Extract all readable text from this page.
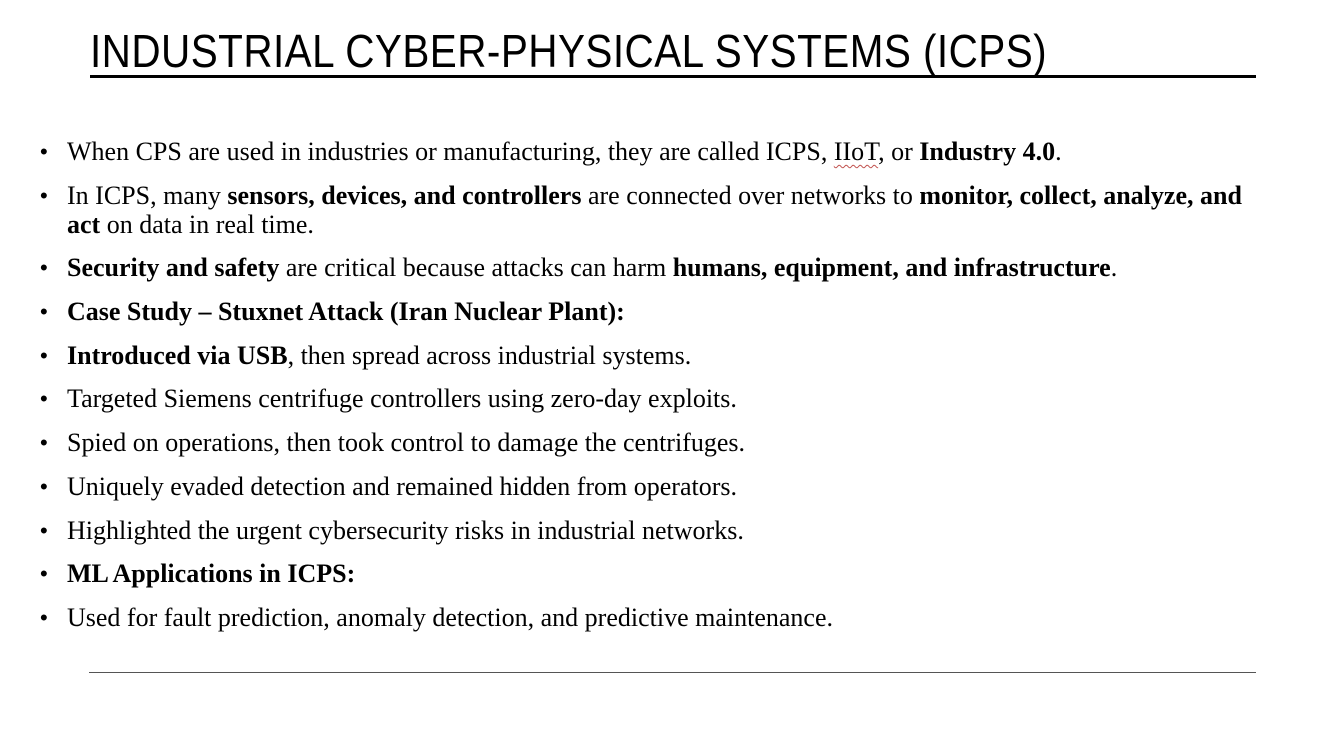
INDUSTRIAL CYBER-PHYSICAL SYSTEMS (ICPS)
• When CPS are used in industries or manufacturing, they are called ICPS, IIoT, or Industry 4.0.
• In ICPS, many sensors, devices, and controllers are connected over networks to monitor, collect, analyze, and act on data in real time.
• Security and safety are critical because attacks can harm humans, equipment, and infrastructure.
• Case Study – Stuxnet Attack (Iran Nuclear Plant):
• Introduced via USB, then spread across industrial systems.
• Targeted Siemens centrifuge controllers using zero-day exploits.
• Spied on operations, then took control to damage the centrifuges.
• Uniquely evaded detection and remained hidden from operators.
• Highlighted the urgent cybersecurity risks in industrial networks.
• ML Applications in ICPS:
• Used for fault prediction, anomaly detection, and predictive maintenance.
